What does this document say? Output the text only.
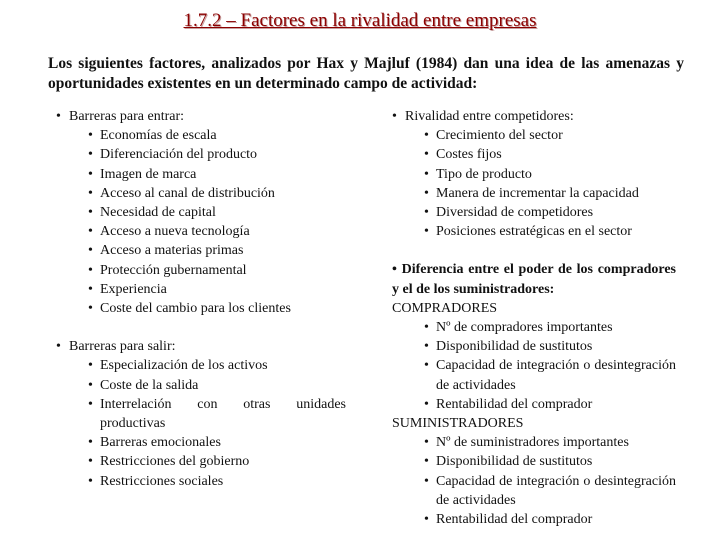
1.7.2 – Factores en la rivalidad entre empresas
Los siguientes factores, analizados por Hax y Majluf (1984) dan una idea de las amenazas y oportunidades existentes en un determinado campo de actividad:
• Barreras para entrar:
• Economías de escala
• Diferenciación del producto
• Imagen de marca
• Acceso al canal de distribución
• Necesidad de capital
• Acceso a nueva tecnología
• Acceso a materias primas
• Protección gubernamental
• Experiencia
• Coste del cambio para los clientes
• Barreras para salir:
• Especialización de los activos
• Coste de la salida
• Interrelación con otras unidades productivas
• Barreras emocionales
• Restricciones del gobierno
• Restricciones sociales
• Rivalidad entre competidores:
• Crecimiento del sector
• Costes fijos
• Tipo de producto
• Manera de incrementar la capacidad
• Diversidad de competidores
• Posiciones estratégicas en el sector
• Diferencia entre el poder de los compradores y el de los suministradores:
COMPRADORES
• Nº de compradores importantes
• Disponibilidad de sustitutos
• Capacidad de integración o desintegración de actividades
• Rentabilidad del comprador
SUMINISTRADORES
• Nº de suministradores importantes
• Disponibilidad de sustitutos
• Capacidad de integración o desintegración de actividades
• Rentabilidad del comprador
